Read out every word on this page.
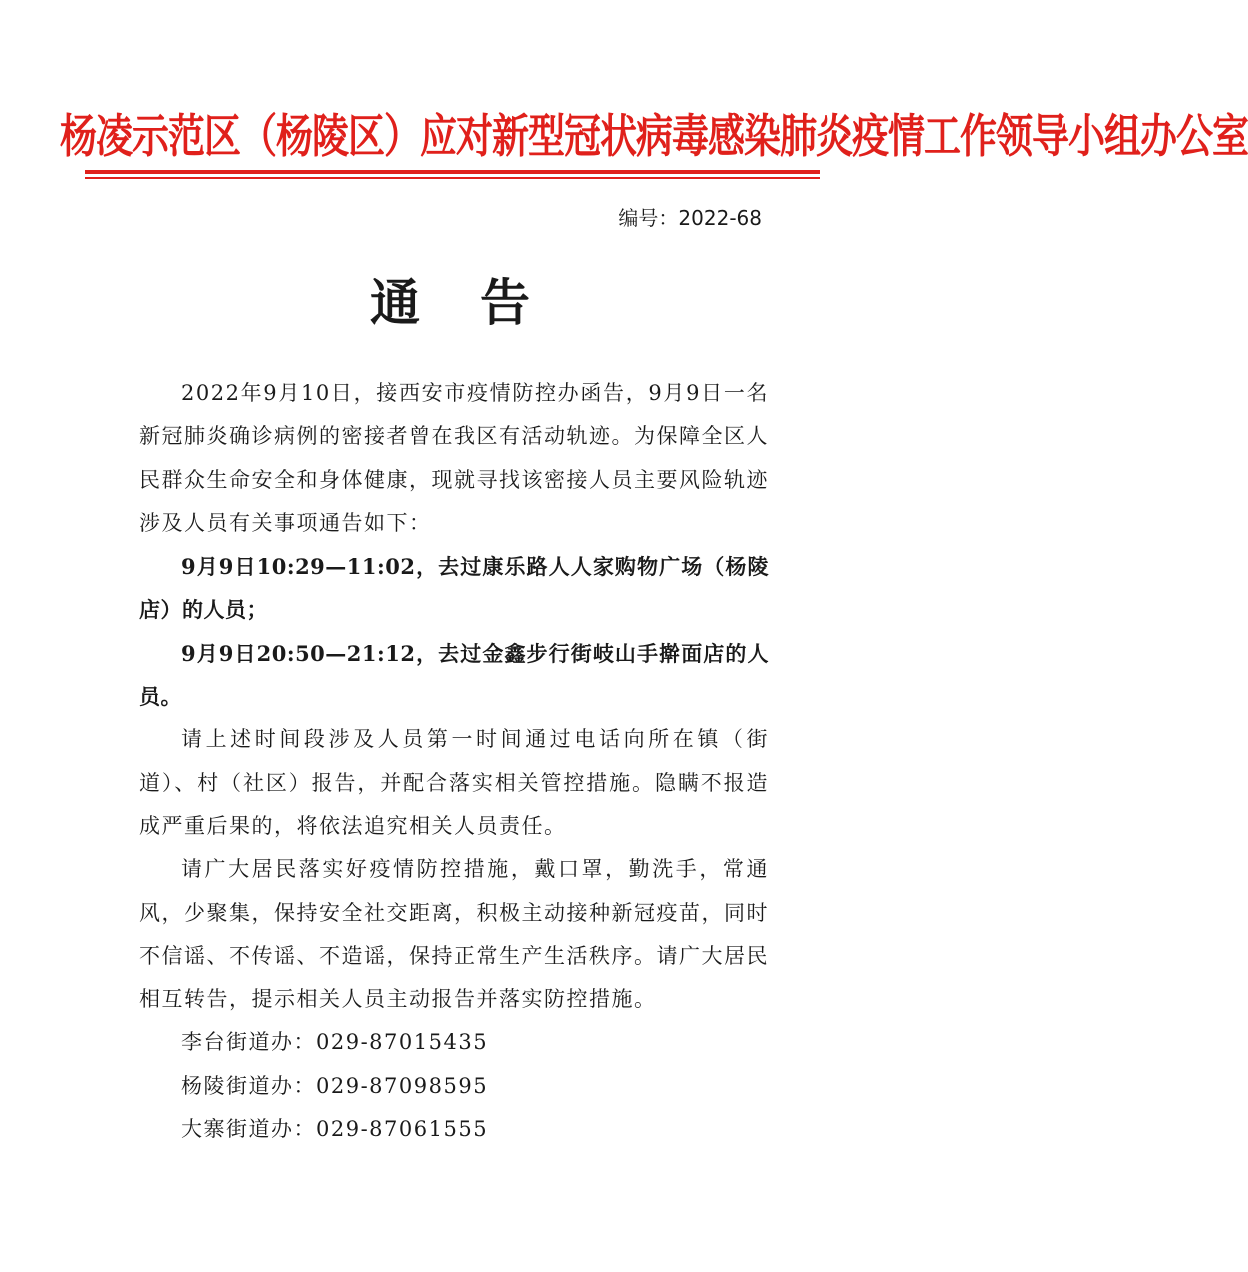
杨凌示范区（杨陵区）应对新型冠状病毒感染肺炎疫情工作领导小组办公室
编号：2022-68
通告

2022年9月10日，接西安市疫情防控办函告，9月9日一名新冠肺炎确诊病例的密接者曾在我区有活动轨迹。为保障全区人民群众生命安全和身体健康，现就寻找该密接人员主要风险轨迹涉及人员有关事项通告如下：

9月9日10:29—11:02，去过康乐路人人家购物广场（杨陵店）的人员；

9月9日20:50—21:12，去过金鑫步行街岐山手擀面店的人员。

请上述时间段涉及人员第一时间通过电话向所在镇（街道）、村（社区）报告，并配合落实相关管控措施。隐瞒不报造成严重后果的，将依法追究相关人员责任。

请广大居民落实好疫情防控措施，戴口罩，勤洗手，常通风，少聚集，保持安全社交距离，积极主动接种新冠疫苗，同时不信谣、不传谣、不造谣，保持正常生产生活秩序。请广大居民相互转告，提示相关人员主动报告并落实防控措施。

李台街道办：029-87015435

杨陵街道办：029-87098595

大寨街道办：029-87061555
